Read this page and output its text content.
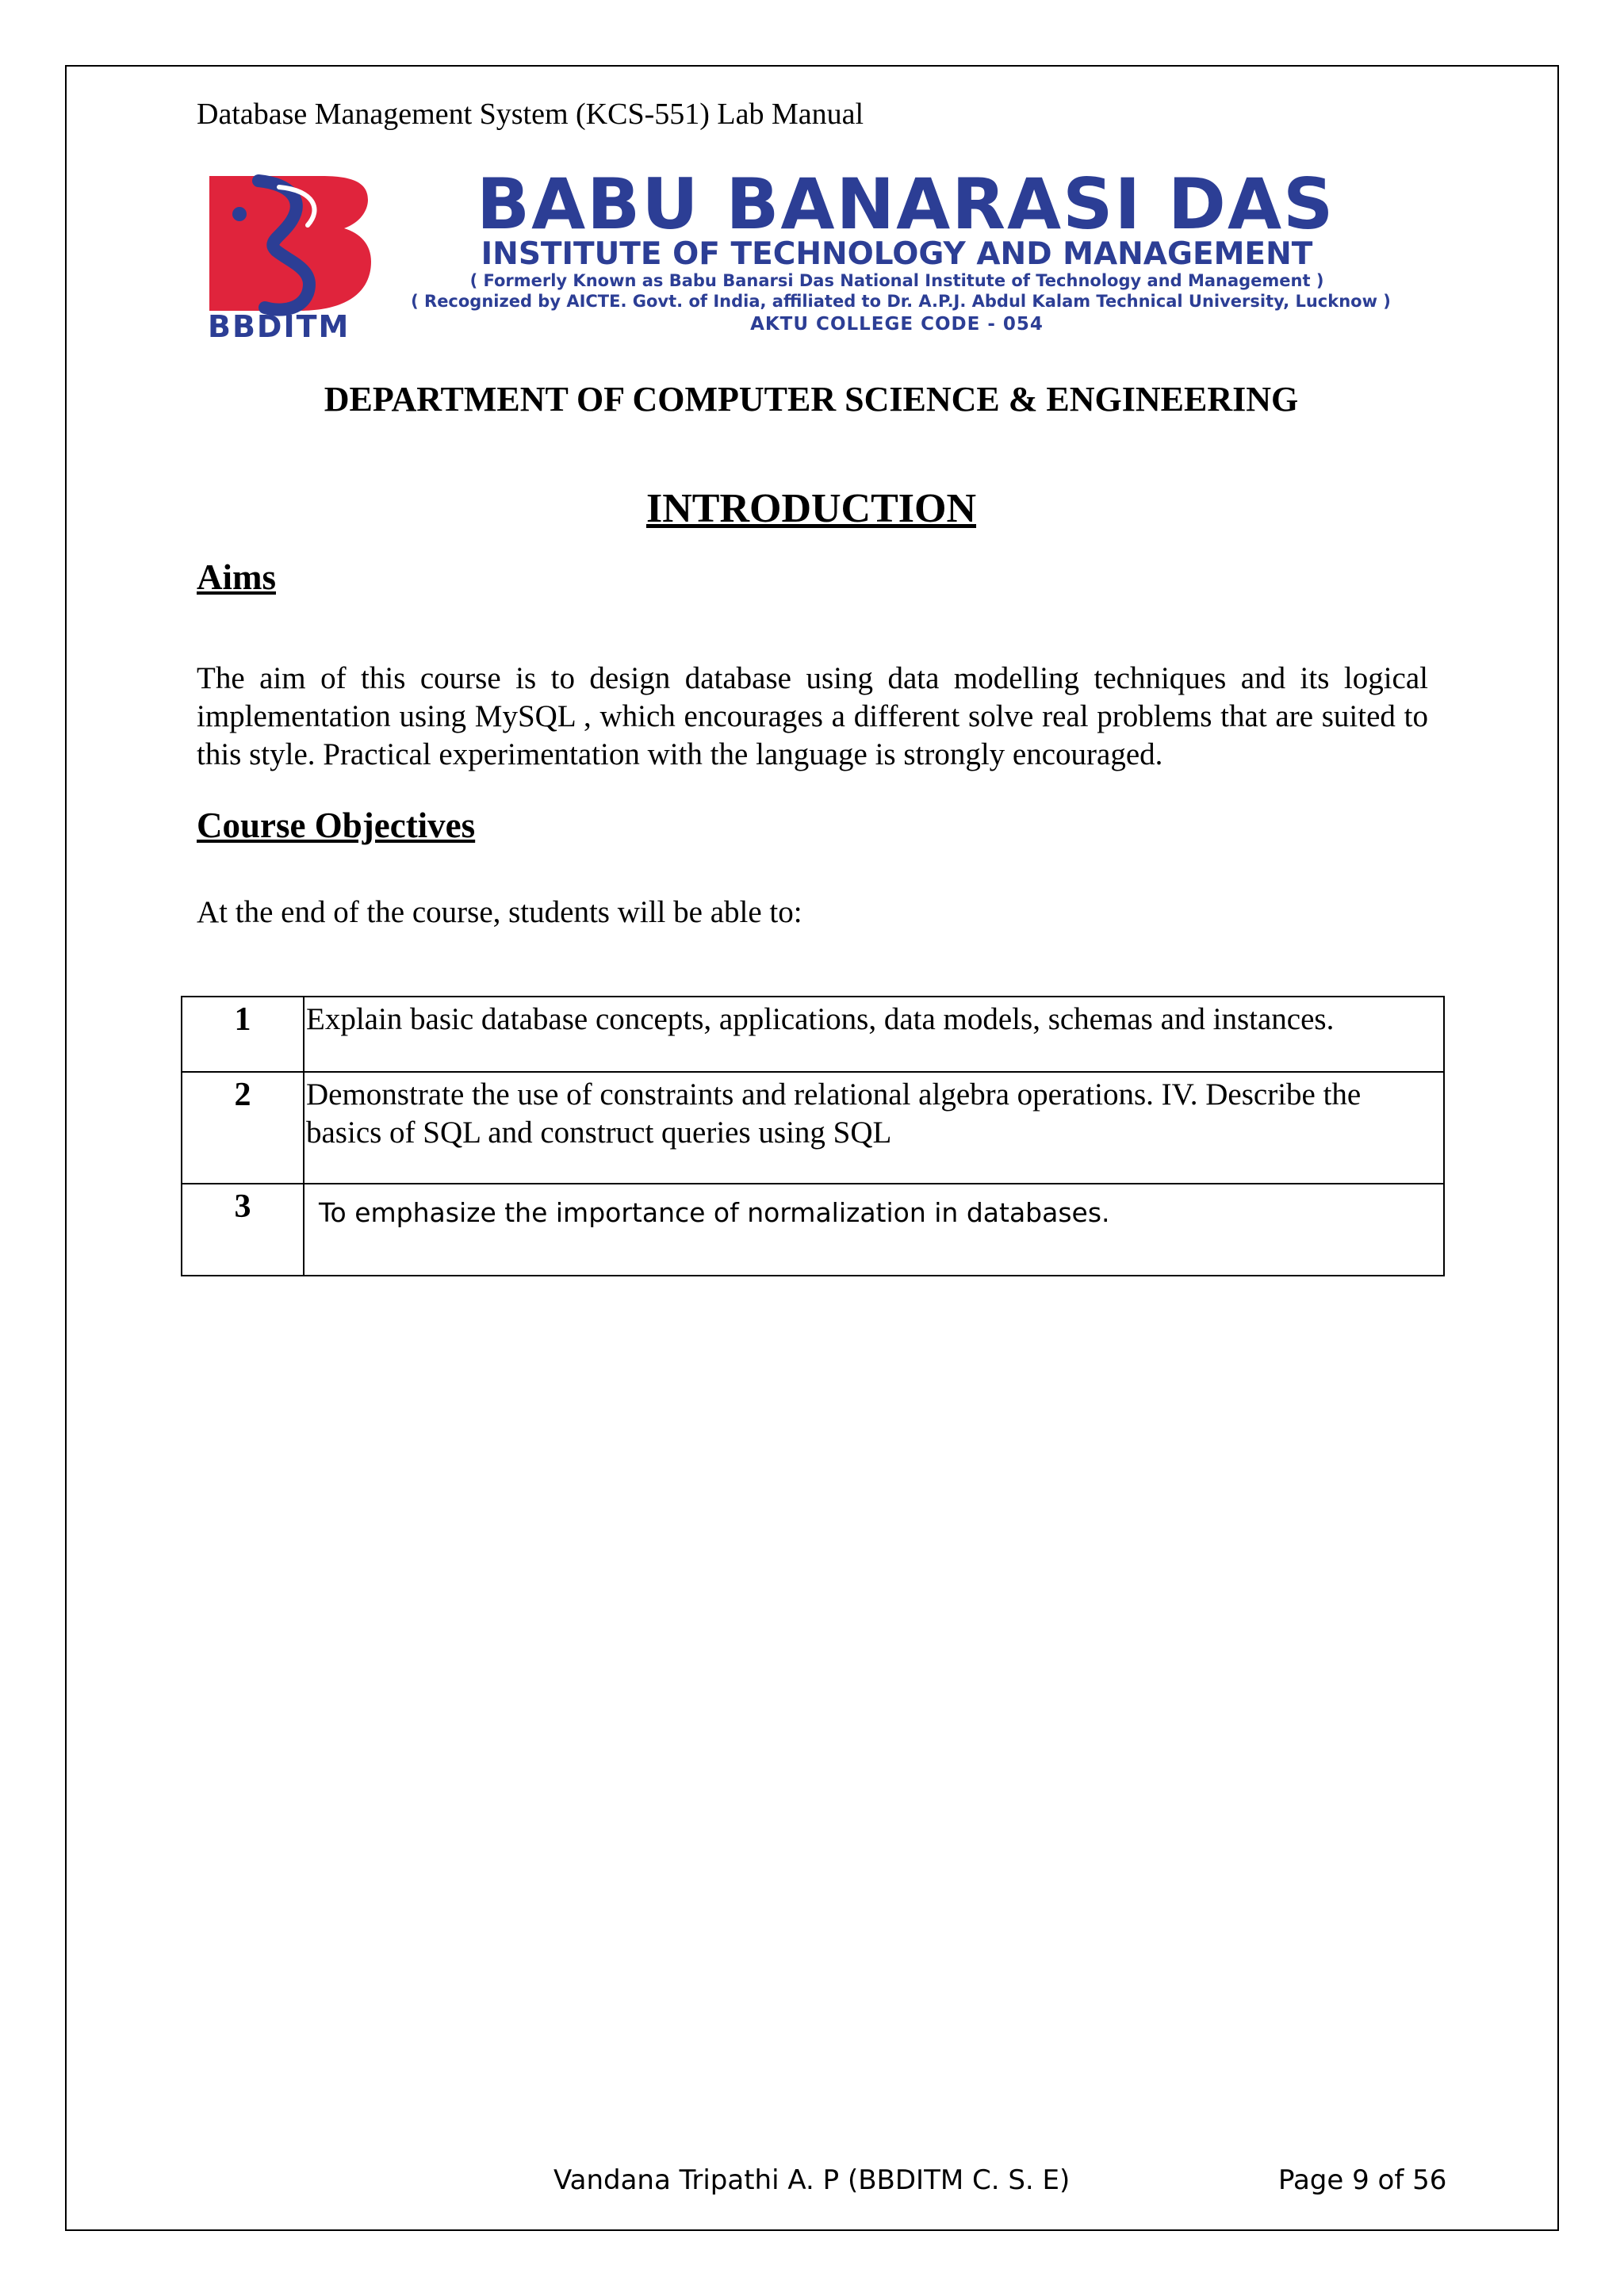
Database Management System (KCS-551) Lab Manual
BBDITM
BABU BANARASI DAS
INSTITUTE OF TECHNOLOGY AND MANAGEMENT
( Formerly Known as Babu Banarsi Das National Institute of Technology and Management )
( Recognized by AICTE. Govt. of India, affiliated to Dr. A.P.J. Abdul Kalam Technical University, Lucknow )
AKTU COLLEGE CODE - 054
DEPARTMENT OF COMPUTER SCIENCE & ENGINEERING
INTRODUCTION
Aims
The aim of this course is to design database using data modelling techniques and its logical implementation using MySQL , which encourages a different solve real problems that are suited to this style. Practical experimentation with the language is strongly encouraged.
Course Objectives
At the end of the course, students will be able to:
1	Explain basic database concepts, applications, data models, schemas and instances.
2	Demonstrate the use of constraints and relational algebra operations. IV. Describe the basics of SQL and construct queries using SQL
3	To emphasize the importance of normalization in databases.
Vandana Tripathi A. P (BBDITM C. S. E)	Page 9 of 56
